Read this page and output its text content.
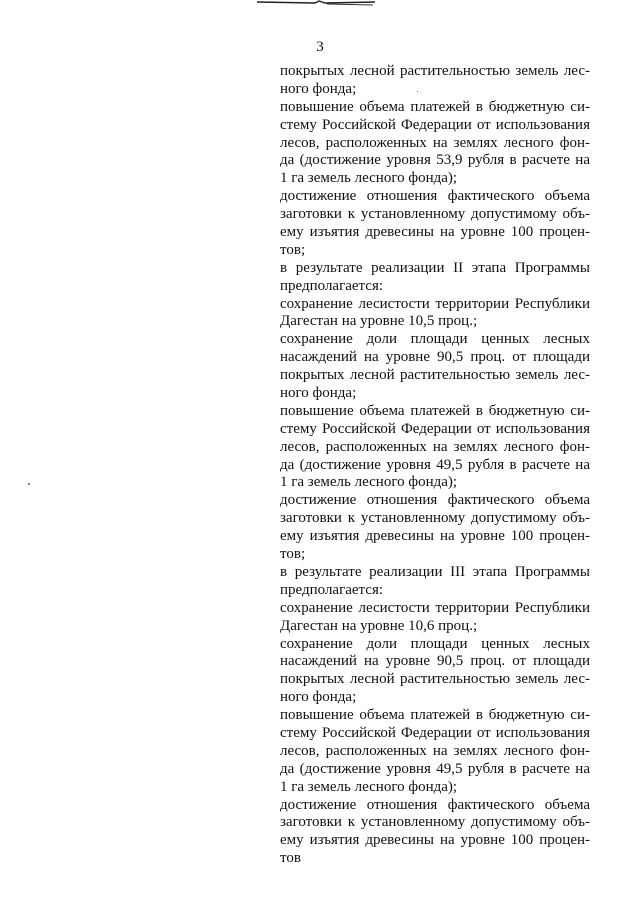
3
покрытых лесной растительностью земель лес-
ного фонда;
повышение объема платежей в бюджетную си-
стему Российской Федерации от использования
лесов, расположенных на землях лесного фон-
да (достижение уровня 53,9 рубля в расчете на
1 га земель лесного фонда);
достижение отношения фактического объема
заготовки к установленному допустимому объ-
ему изъятия древесины на уровне 100 процен-
тов;
в результате реализации II этапа Программы
предполагается:
сохранение лесистости территории Республики
Дагестан на уровне 10,5 проц.;
сохранение доли площади ценных лесных
насаждений на уровне 90,5 проц. от площади
покрытых лесной растительностью земель лес-
ного фонда;
повышение объема платежей в бюджетную си-
стему Российской Федерации от использования
лесов, расположенных на землях лесного фон-
да (достижение уровня 49,5 рубля в расчете на
1 га земель лесного фонда);
достижение отношения фактического объема
заготовки к установленному допустимому объ-
ему изъятия древесины на уровне 100 процен-
тов;
в результате реализации III этапа Программы
предполагается:
сохранение лесистости территории Республики
Дагестан на уровне 10,6 проц.;
сохранение доли площади ценных лесных
насаждений на уровне 90,5 проц. от площади
покрытых лесной растительностью земель лес-
ного фонда;
повышение объема платежей в бюджетную си-
стему Российской Федерации от использования
лесов, расположенных на землях лесного фон-
да (достижение уровня 49,5 рубля в расчете на
1 га земель лесного фонда);
достижение отношения фактического объема
заготовки к установленному допустимому объ-
ему изъятия древесины на уровне 100 процен-
тов
